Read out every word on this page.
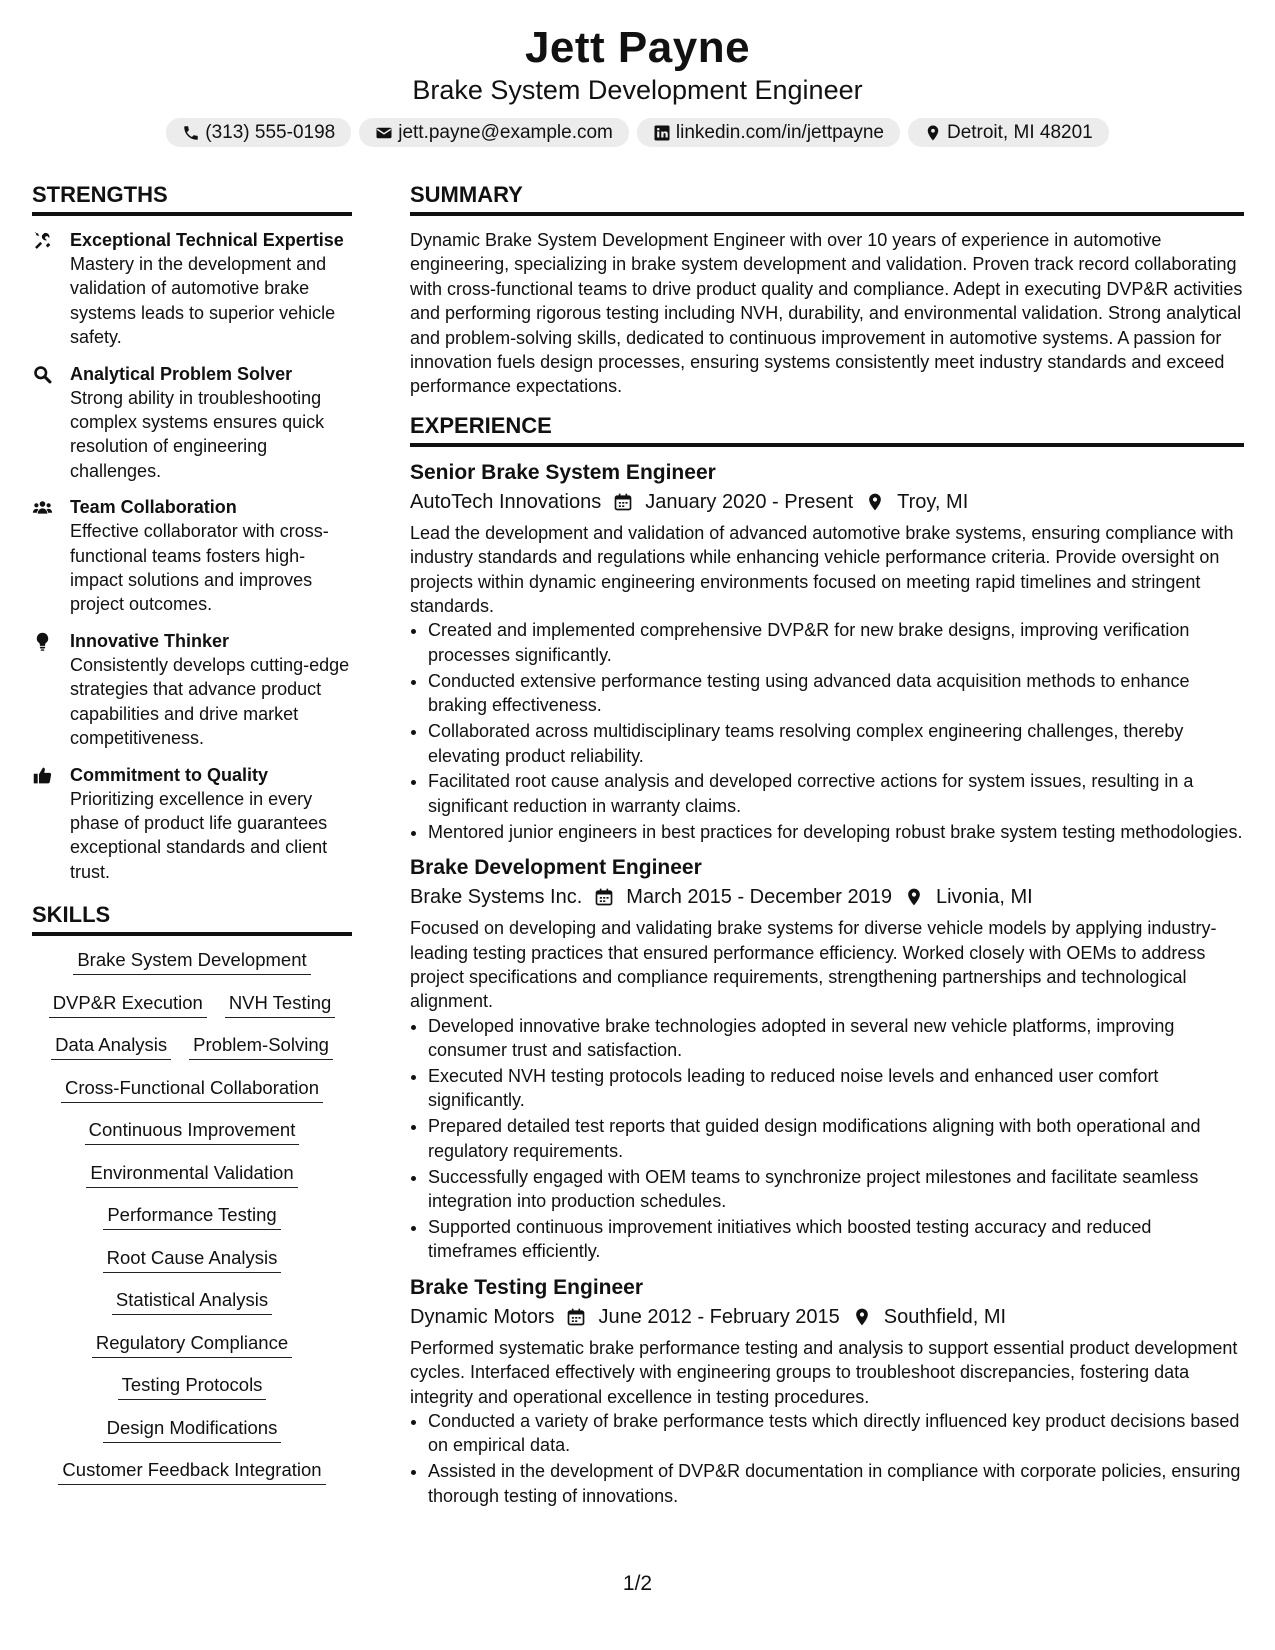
Jett Payne
Brake System Development Engineer
(313) 555-0198	jett.payne@example.com	linkedin.com/in/jettpayne	Detroit, MI 48201
STRENGTHS
Exceptional Technical Expertise
Mastery in the development and validation of automotive brake systems leads to superior vehicle safety.
Analytical Problem Solver
Strong ability in troubleshooting complex systems ensures quick resolution of engineering challenges.
Team Collaboration
Effective collaborator with cross-functional teams fosters high-impact solutions and improves project outcomes.
Innovative Thinker
Consistently develops cutting-edge strategies that advance product capabilities and drive market competitiveness.
Commitment to Quality
Prioritizing excellence in every phase of product life guarantees exceptional standards and client trust.
SKILLS
Brake System Development
DVP&R Execution NVH Testing
Data Analysis Problem-Solving
Cross-Functional Collaboration
Continuous Improvement
Environmental Validation
Performance Testing
Root Cause Analysis
Statistical Analysis
Regulatory Compliance
Testing Protocols
Design Modifications
Customer Feedback Integration
SUMMARY
Dynamic Brake System Development Engineer with over 10 years of experience in automotive engineering, specializing in brake system development and validation. Proven track record collaborating with cross-functional teams to drive product quality and compliance. Adept in executing DVP&R activities and performing rigorous testing including NVH, durability, and environmental validation. Strong analytical and problem-solving skills, dedicated to continuous improvement in automotive systems. A passion for innovation fuels design processes, ensuring systems consistently meet industry standards and exceed performance expectations.
EXPERIENCE
Senior Brake System Engineer
AutoTech Innovations January 2020 - Present Troy, MI
Lead the development and validation of advanced automotive brake systems, ensuring compliance with industry standards and regulations while enhancing vehicle performance criteria. Provide oversight on projects within dynamic engineering environments focused on meeting rapid timelines and stringent standards.
• Created and implemented comprehensive DVP&R for new brake designs, improving verification processes significantly.
• Conducted extensive performance testing using advanced data acquisition methods to enhance braking effectiveness.
• Collaborated across multidisciplinary teams resolving complex engineering challenges, thereby elevating product reliability.
• Facilitated root cause analysis and developed corrective actions for system issues, resulting in a significant reduction in warranty claims.
• Mentored junior engineers in best practices for developing robust brake system testing methodologies.
Brake Development Engineer
Brake Systems Inc. March 2015 - December 2019 Livonia, MI
Focused on developing and validating brake systems for diverse vehicle models by applying industry-leading testing practices that ensured performance efficiency. Worked closely with OEMs to address project specifications and compliance requirements, strengthening partnerships and technological alignment.
• Developed innovative brake technologies adopted in several new vehicle platforms, improving consumer trust and satisfaction.
• Executed NVH testing protocols leading to reduced noise levels and enhanced user comfort significantly.
• Prepared detailed test reports that guided design modifications aligning with both operational and regulatory requirements.
• Successfully engaged with OEM teams to synchronize project milestones and facilitate seamless integration into production schedules.
• Supported continuous improvement initiatives which boosted testing accuracy and reduced timeframes efficiently.
Brake Testing Engineer
Dynamic Motors June 2012 - February 2015 Southfield, MI
Performed systematic brake performance testing and analysis to support essential product development cycles. Interfaced effectively with engineering groups to troubleshoot discrepancies, fostering data integrity and operational excellence in testing procedures.
• Conducted a variety of brake performance tests which directly influenced key product decisions based on empirical data.
• Assisted in the development of DVP&R documentation in compliance with corporate policies, ensuring thorough testing of innovations.
1/2
